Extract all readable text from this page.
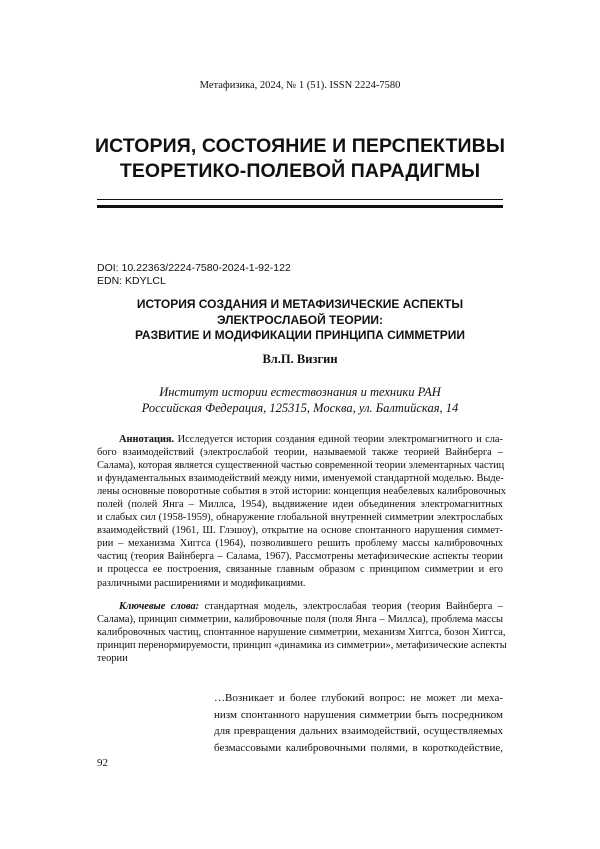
Метафизика, 2024, № 1 (51). ISSN 2224-7580
ИСТОРИЯ, СОСТОЯНИЕ И ПЕРСПЕКТИВЫ
ТЕОРЕТИКО-ПОЛЕВОЙ ПАРАДИГМЫ
DOI: 10.22363/2224-7580-2024-1-92-122
EDN: KDYLCL
ИСТОРИЯ СОЗДАНИЯ И МЕТАФИЗИЧЕСКИЕ АСПЕКТЫ
ЭЛЕКТРОСЛАБОЙ ТЕОРИИ:
РАЗВИТИЕ И МОДИФИКАЦИИ ПРИНЦИПА СИММЕТРИИ
Вл.П. Визгин
Институт истории естествознания и техники РАН
Российская Федерация, 125315, Москва, ул. Балтийская, 14
Аннотация. Исследуется история создания единой теории электромагнитного и сла-
бого взаимодействий (электрослабой теории, называемой также теорией Вайнберга –
Салама), которая является существенной частью современной теории элементарных частиц
и фундаментальных взаимодействий между ними, именуемой стандартной моделью. Выде-
лены основные поворотные события в этой истории: концепция неабелевых калибровочных
полей (полей Янга – Миллса, 1954), выдвижение идеи объединения электромагнитных
и слабых сил (1958-1959), обнаружение глобальной внутренней симметрии электрослабых
взаимодействий (1961, Ш. Глэшоу), открытие на основе спонтанного нарушения симмет-
рии – механизма Хиггса (1964), позволившего решить проблему массы калибровочных
частиц (теория Вайнберга – Салама, 1967). Рассмотрены метафизические аспекты теории
и процесса ее построения, связанные главным образом с принципом симметрии и его
различными расширениями и модификациями.
Ключевые слова: стандартная модель, электрослабая теория (теория Вайнберга –
Салама), принцип симметрии, калибровочные поля (поля Янга – Миллса), проблема массы
калибровочных частиц, спонтанное нарушение симметрии, механизм Хиггса, бозон Хиггса,
принцип перенормируемости, принцип «динамика из симметрии», метафизические аспекты
теории
…Возникает и более глубокий вопрос: не может ли меха-
низм спонтанного нарушения симметрии быть посредником
для превращения дальних взаимодействий, осуществляемых
безмассовыми калибровочными полями, в короткодействие,
92
